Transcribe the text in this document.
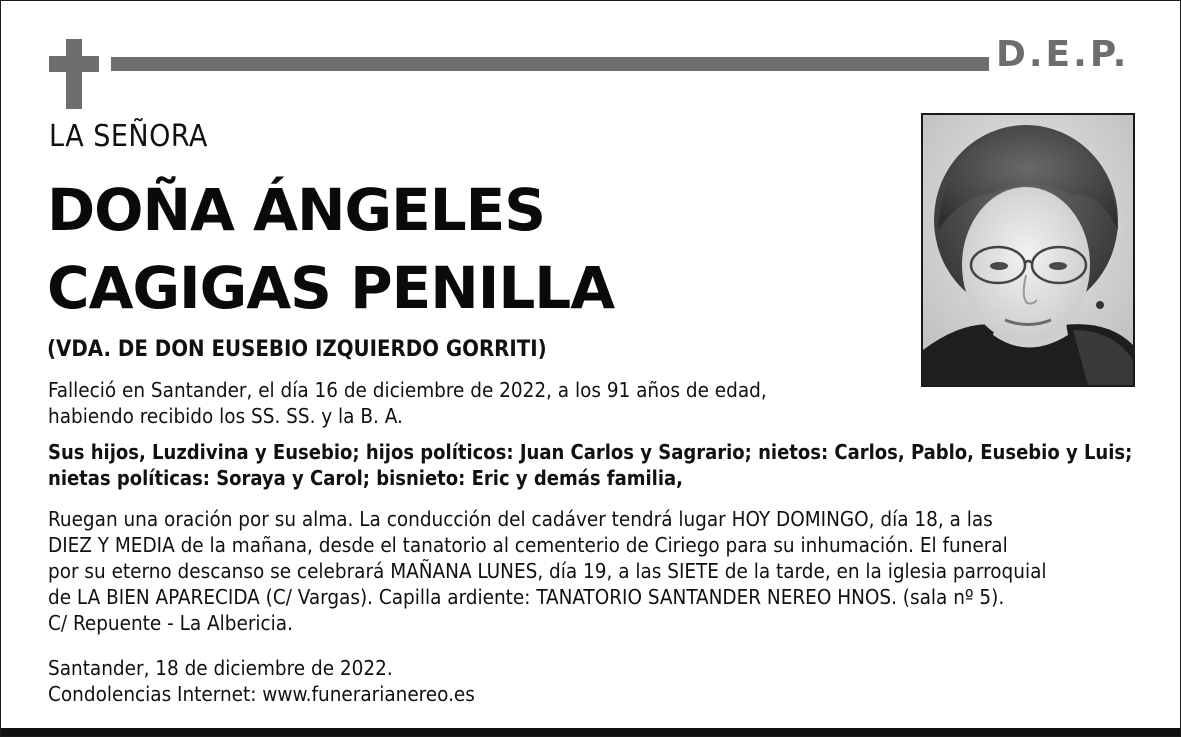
D.E.P.
LA SEÑORA
DOÑA ÁNGELES
CAGIGAS PENILLA
(VDA. DE DON EUSEBIO IZQUIERDO GORRITI)
Falleció en Santander, el día 16 de diciembre de 2022, a los 91 años de edad,
habiendo recibido los SS. SS. y la B. A.
Sus hijos, Luzdivina y Eusebio; hijos políticos: Juan Carlos y Sagrario; nietos: Carlos, Pablo, Eusebio y Luis;
nietas políticas: Soraya y Carol; bisnieto: Eric y demás familia,
Ruegan una oración por su alma. La conducción del cadáver tendrá lugar HOY DOMINGO, día 18, a las
DIEZ Y MEDIA de la mañana, desde el tanatorio al cementerio de Ciriego para su inhumación. El funeral
por su eterno descanso se celebrará MAÑANA LUNES, día 19, a las SIETE de la tarde, en la iglesia parroquial
de LA BIEN APARECIDA (C/ Vargas). Capilla ardiente: TANATORIO SANTANDER NEREO HNOS. (sala nº 5).
C/ Repuente - La Albericia.
Santander, 18 de diciembre de 2022.
Condolencias Internet: www.funerarianereo.es
